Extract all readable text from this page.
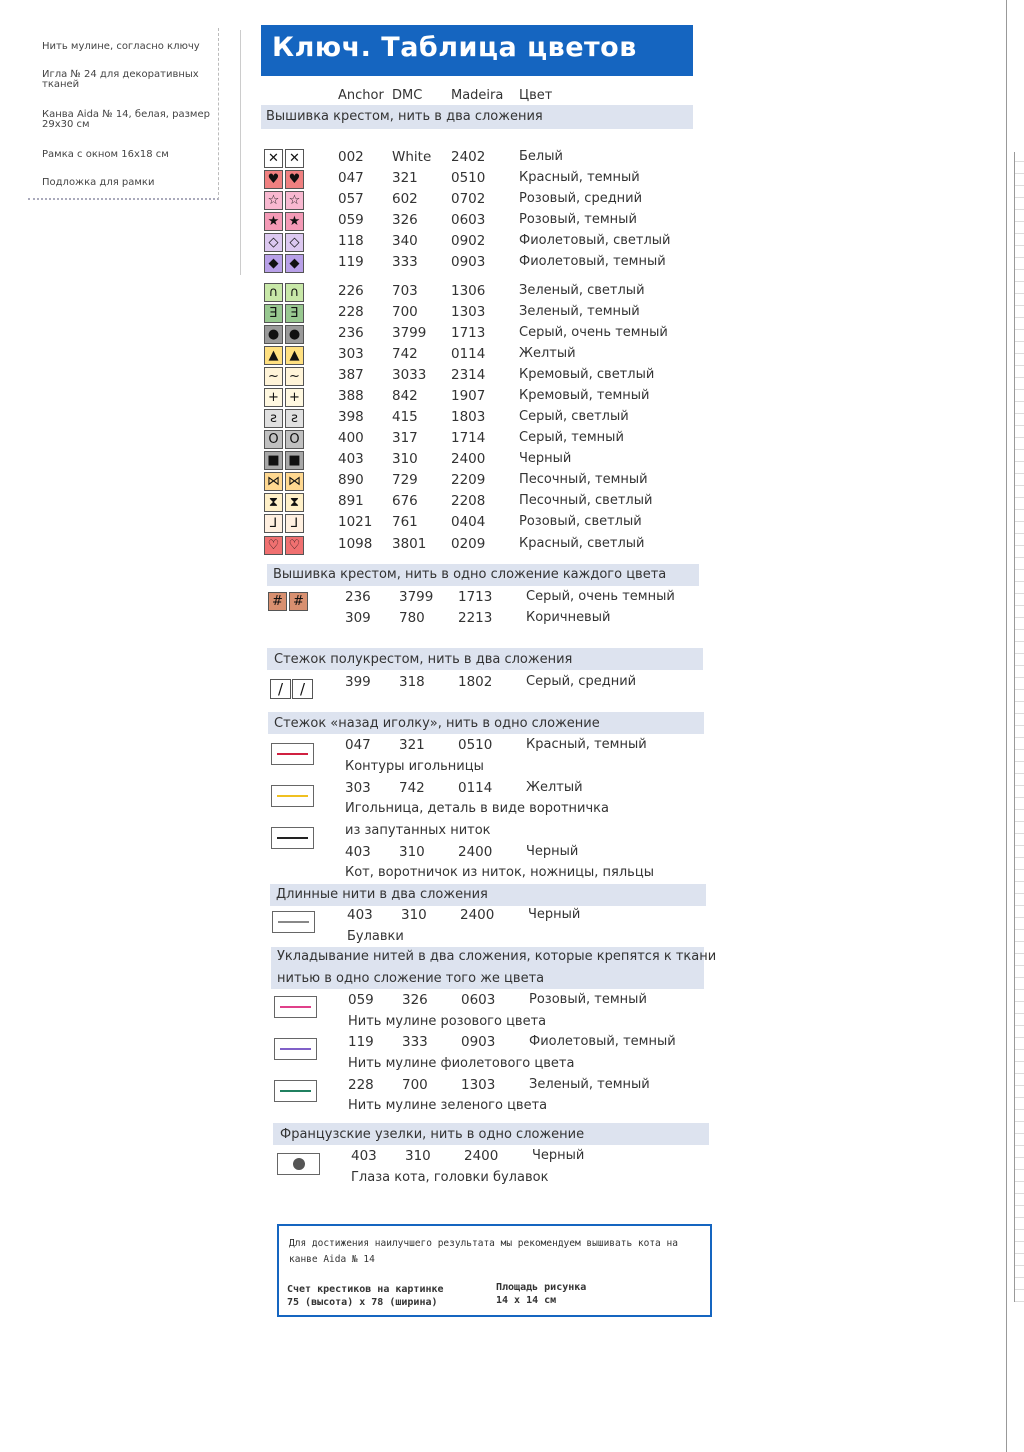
Нить мулине, согласно ключу
Игла № 24 для декоративных тканей
Канва Aida № 14, белая, размер 29x30 см
Рамка с окном 16x18 см
Подложка для рамки
Ключ. Таблица цветов
Anchor DMC Madeira Цвет
Вышивка крестом, нить в два сложения
✕ ✕	002 White 2402	Белый
♥ ♥	047 321 0510	Красный, темный
☆ ☆	057 602 0702	Розовый, средний
★ ★	059 326 0603	Розовый, темный
◇ ◇	118 340 0902	Фиолетовый, светлый
◆ ◆	119 333 0903	Фиолетовый, темный
∩ ∩	226 703 1306	Зеленый, светлый
Ǝ Ǝ	228 700 1303	Зеленый, темный
● ●	236 3799 1713	Серый, очень темный
▲ ▲	303 742 0114	Желтый
~ ~	387 3033 2314	Кремовый, светлый
+ +	388 842 1907	Кремовый, темный
ƨ ƨ	398 415 1803	Серый, светлый
O O	400 317 1714	Серый, темный
■ ■	403 310 2400	Черный
⋈ ⋈	890 729 2209	Песочный, темный
⧗ ⧗	891 676 2208	Песочный, светлый
⅃ ⅃	1021 761 0404	Розовый, светлый
♡ ♡	1098 3801 0209	Красный, светлый
Вышивка крестом, нить в одно сложение каждого цвета
# #	236 3799 1713	Серый, очень темный
309 780 2213	Коричневый
Стежок полукрестом, нить в два сложения
/ /	399 318 1802	Серый, средний
Стежок «назад иголку», нить в одно сложение
047 321 0510	Красный, темный
Контуры игольницы
303 742 0114	Желтый
Игольница, деталь в виде воротничка
из запутанных ниток
403 310 2400	Черный
Кот, воротничок из ниток, ножницы, пяльцы
Длинные нити в два сложения
403 310 2400	Черный
Булавки
Укладывание нитей в два сложения, которые крепятся к ткани
нитью в одно сложение того же цвета
059 326 0603	Розовый, темный
Нить мулине розового цвета
119 333 0903	Фиолетовый, темный
Нить мулине фиолетового цвета
228 700 1303	Зеленый, темный
Нить мулине зеленого цвета
Французские узелки, нить в одно сложение
403 310 2400	Черный
Глаза кота, головки булавок
Для достижения наилучшего результата мы рекомендуем вышивать кота на
канве Aida № 14
Счет крестиков на картинке
75 (высота) x 78 (ширина)
Площадь рисунка
14 x 14 см
